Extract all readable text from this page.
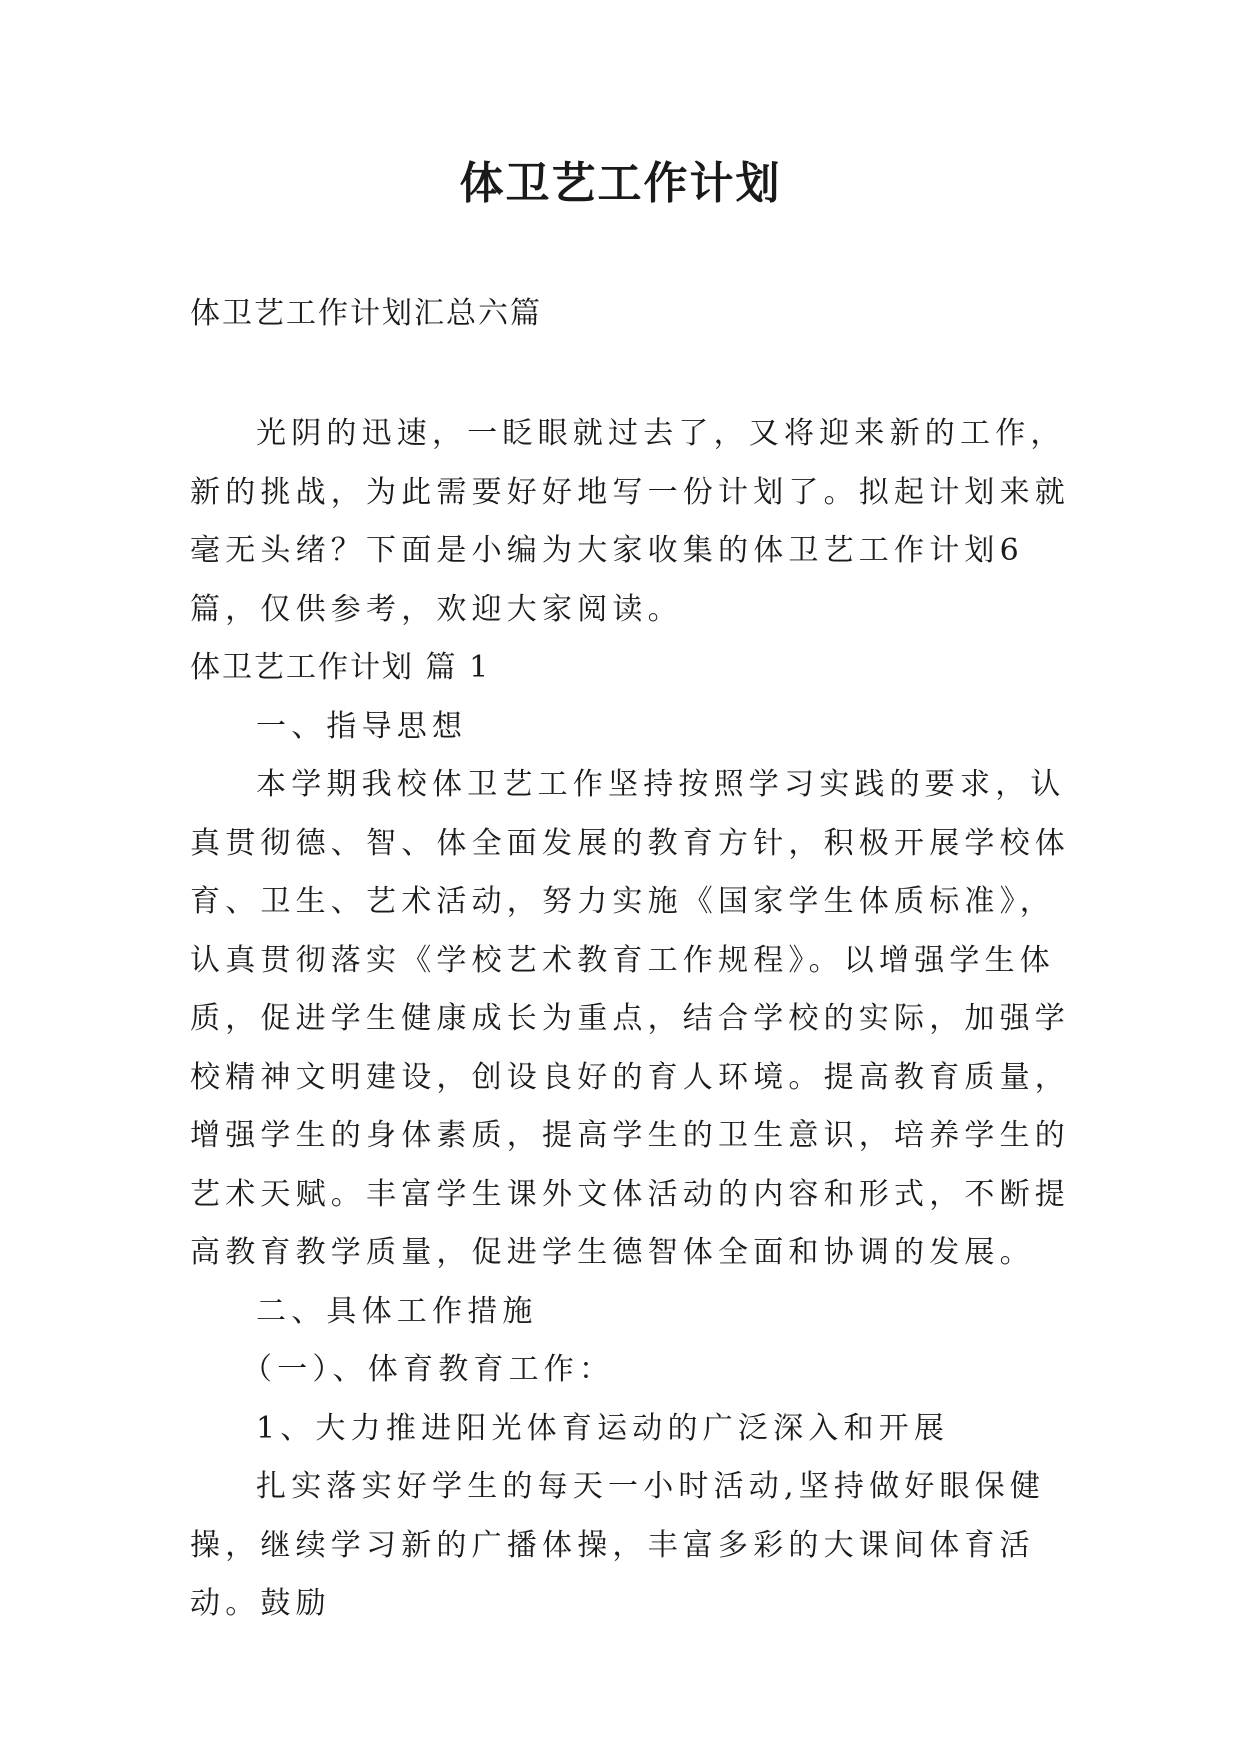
体卫艺工作计划
体卫艺工作计划汇总六篇

光阴的迅速，一眨眼就过去了，又将迎来新的工作，新的挑战，为此需要好好地写一份计划了。拟起计划来就毫无头绪？下面是小编为大家收集的体卫艺工作计划6篇，仅供参考，欢迎大家阅读。

体卫艺工作计划 篇 1

一、指导思想

本学期我校体卫艺工作坚持按照学习实践的要求，认真贯彻德、智、体全面发展的教育方针，积极开展学校体育、卫生、艺术活动，努力实施《国家学生体质标准》，认真贯彻落实《学校艺术教育工作规程》。以增强学生体质，促进学生健康成长为重点，结合学校的实际，加强学校精神文明建设，创设良好的育人环境。提高教育质量，增强学生的身体素质，提高学生的卫生意识，培养学生的艺术天赋。丰富学生课外文体活动的内容和形式，不断提高教育教学质量，促进学生德智体全面和协调的发展。

二、具体工作措施

（一）、体育教育工作：

1、大力推进阳光体育运动的广泛深入和开展

扎实落实好学生的每天一小时活动,坚持做好眼保健操，继续学习新的广播体操，丰富多彩的大课间体育活动。鼓励
